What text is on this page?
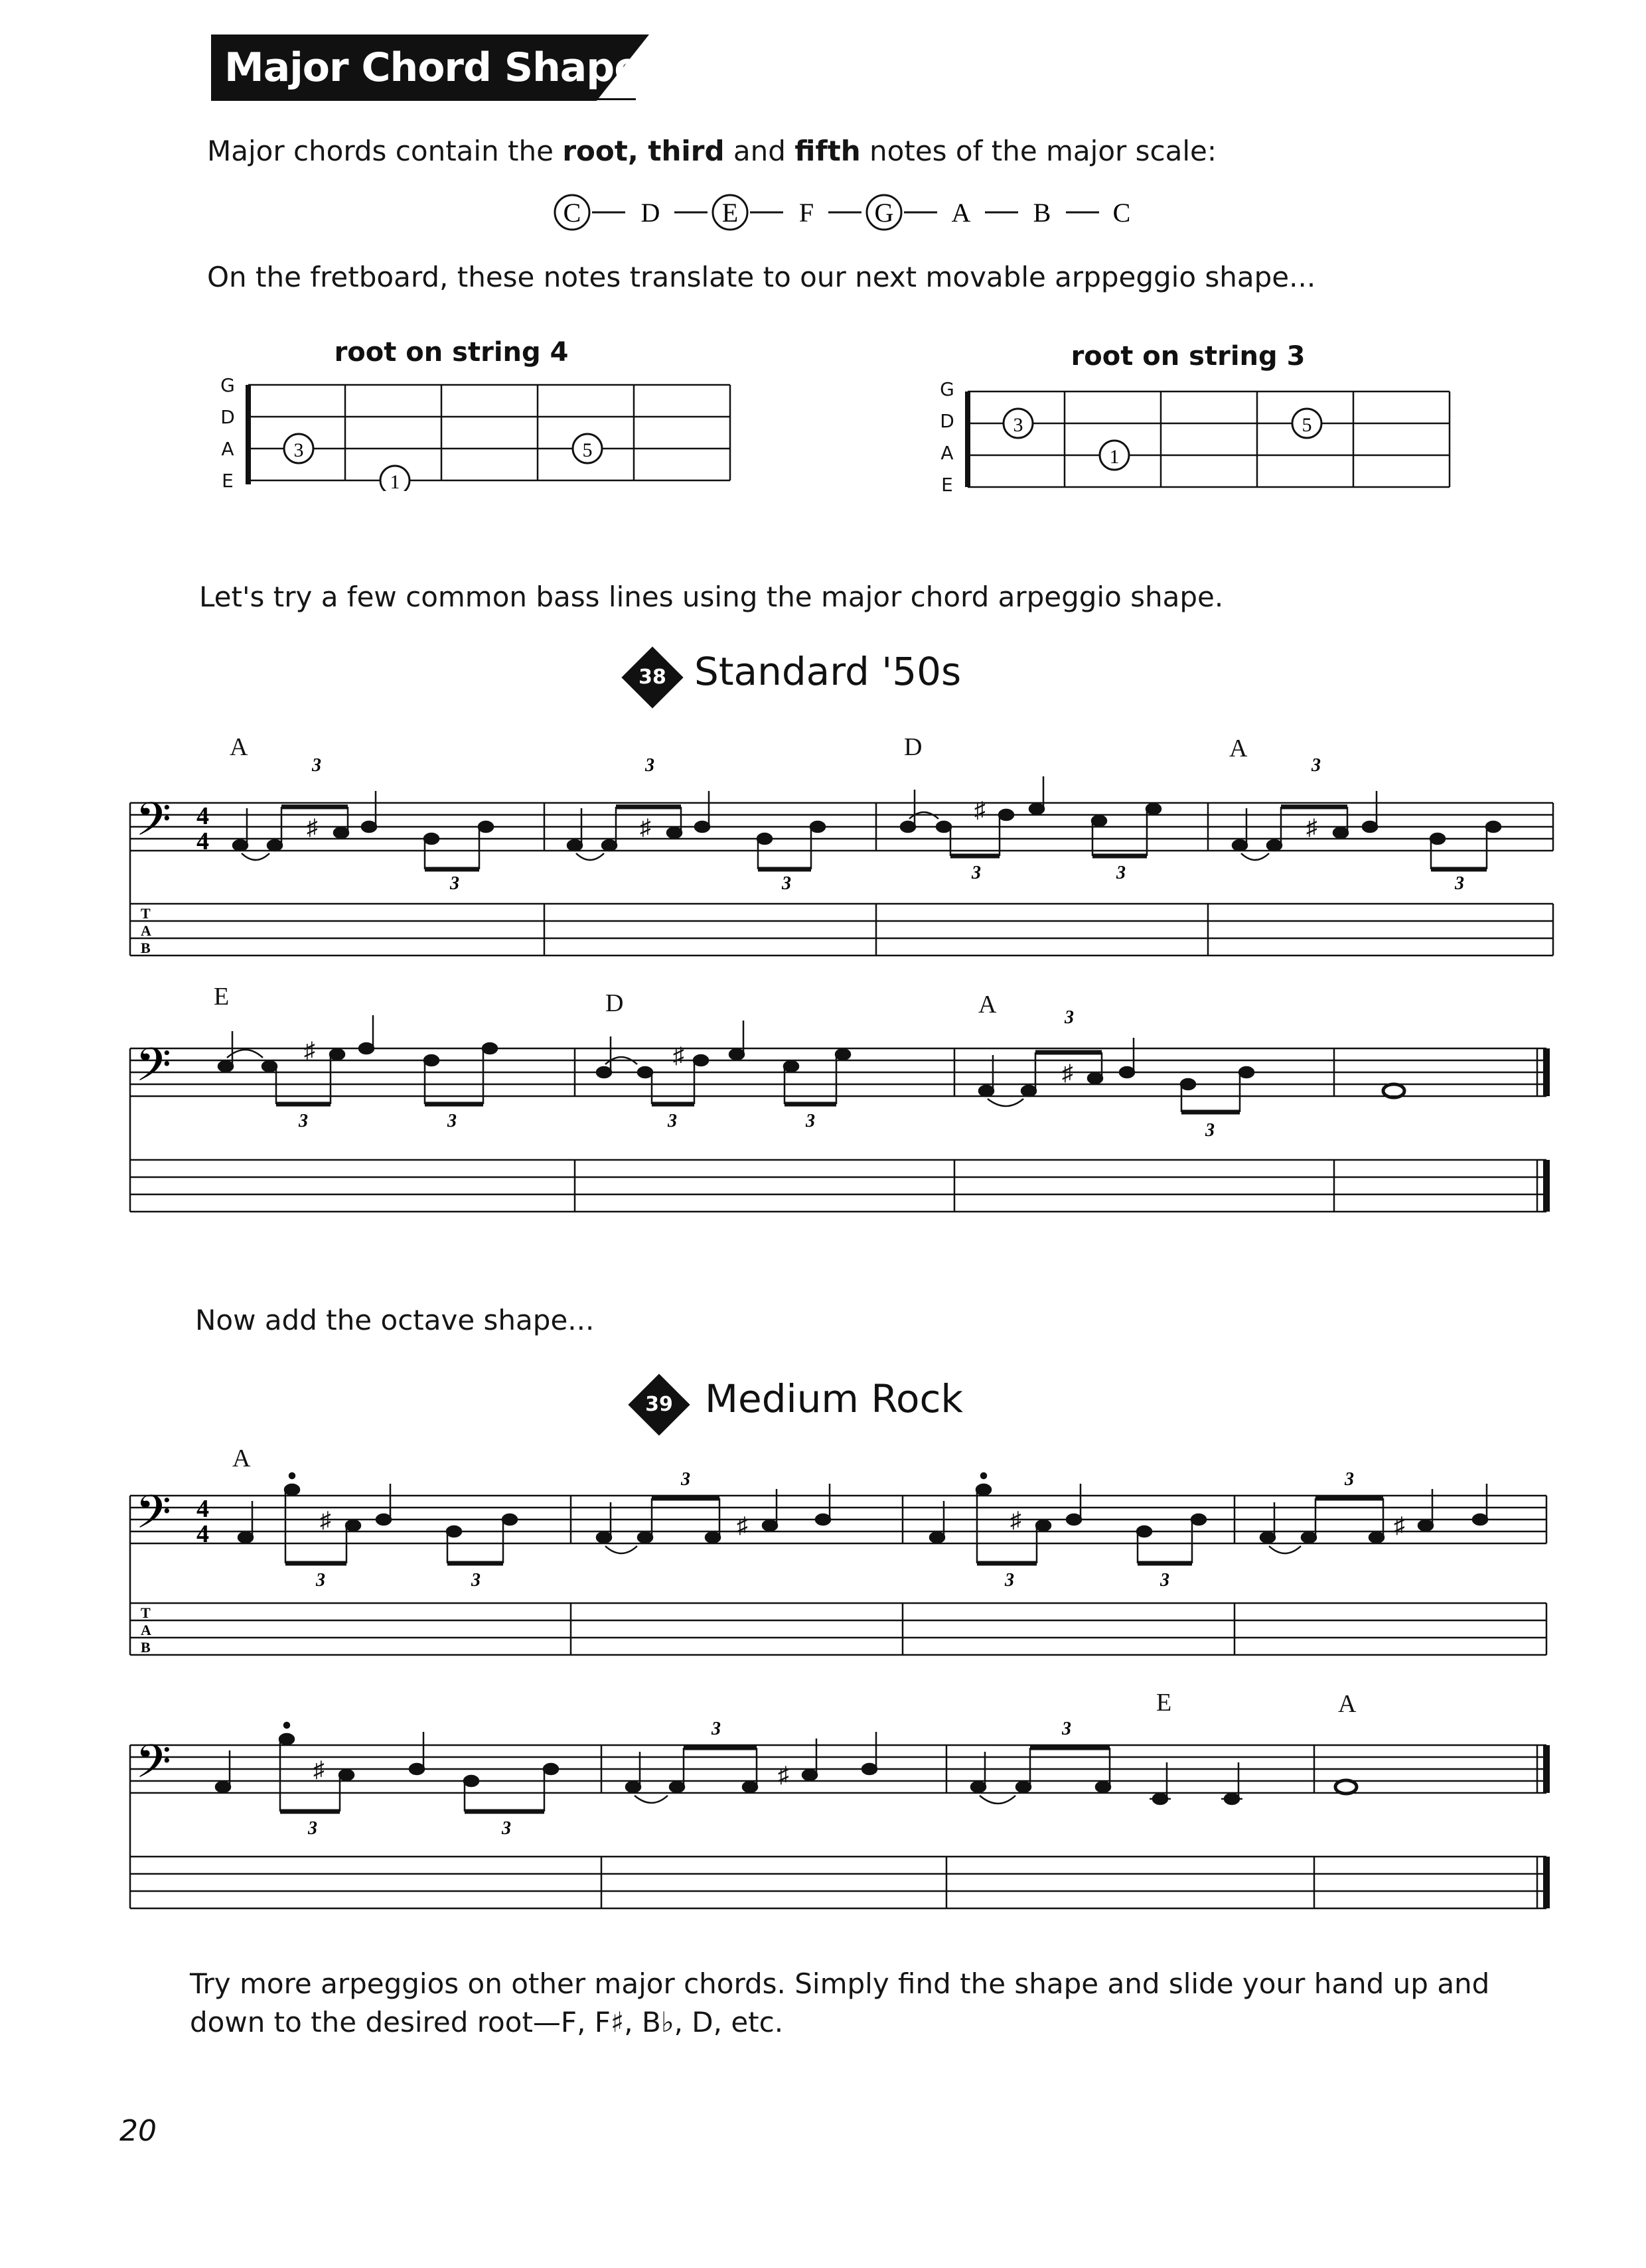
Major Chord Shapes
Major chords contain the root, third and fifth notes of the major scale:
C D E F G A B C
On the fretboard, these notes translate to our next movable arppeggio shape...
root on string 4
G
D
A
E
3
1
5
root on string 3
G
D
A
E
3
1
5
Let's try a few common bass lines using the major chord arpeggio shape.
38 Standard '50s
A	D	A
E	D	A
𝄢 4
4
T
A
B
♯	♯
♯
♯
3
3
3
3
3	3
3
3
𝄢	♯	♯
♯
3	3	3	3
3
3
Now add the octave shape...
39 Medium Rock
A
E	A
𝄢 4
4
T
A
B
♯	♯	♯	♯
3	3
3
3	3
3
𝄢	♯	♯
3	3
3	3
Try more arpeggios on other major chords. Simply find the shape and slide your hand up and
down to the desired root—F, F♯, B♭, D, etc.
20
